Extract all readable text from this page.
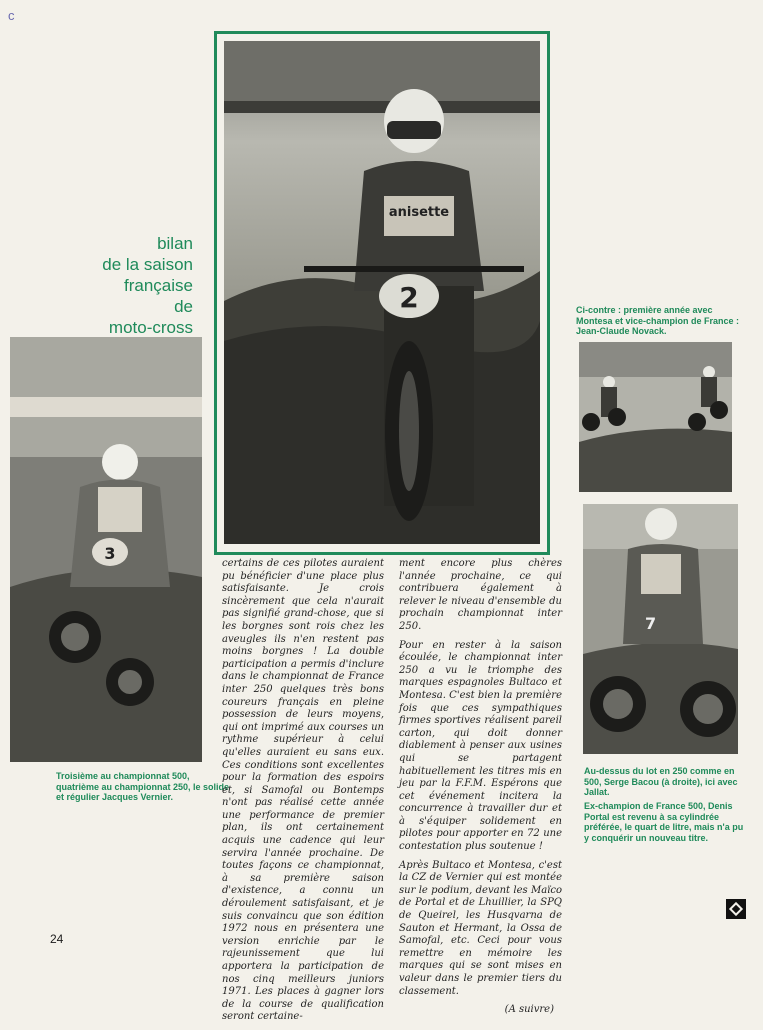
c
anisette
2
bilan
de la saison
française
de
moto-cross
3
Troisième au championnat 500, quatrième au championnat 250, le solide et régulier Jacques Vernier.
Ci-contre : première année avec Montesa et vice-champion de France : Jean-Claude Novack.
7
Au-dessus du lot en 250 comme en 500, Serge Bacou (à droite), ici avec Jallat.
Ex-champion de France 500, Denis Portal est revenu à sa cylindrée préférée, le quart de litre, mais n'a pu y conquérir un nouveau titre.

certains de ces pilotes auraient pu bénéficier d'une place plus satisfaisante. Je crois sincèrement que cela n'aurait pas signifié grand-chose, que si les borgnes sont rois chez les aveugles ils n'en restent pas moins borgnes ! La double participation a permis d'inclure dans le championnat de France inter 250 quelques très bons coureurs français en pleine possession de leurs moyens, qui ont imprimé aux courses un rythme supérieur à celui qu'elles auraient eu sans eux. Ces conditions sont excellentes pour la formation des espoirs et, si Samofal ou Bontemps n'ont pas réalisé cette année une performance de premier plan, ils ont certainement acquis une cadence qui leur servira l'année prochaine. De toutes façons ce championnat, à sa première saison d'existence, a connu un déroulement satisfaisant, et je suis convaincu que son édition 1972 nous en présentera une version enrichie par le rajeunissement que lui apportera la participation de nos cinq meilleurs juniors 1971. Les places à gagner lors de la course de qualification seront certaine-

ment encore plus chères l'année prochaine, ce qui contribuera également à relever le niveau d'ensemble du prochain championnat inter 250.

Pour en rester à la saison écoulée, le championnat inter 250 a vu le triomphe des marques espagnoles Bultaco et Montesa. C'est bien la première fois que ces sympathiques firmes sportives réalisent pareil carton, qui doit donner diablement à penser aux usines qui se partagent habituellement les titres mis en jeu par la F.F.M. Espérons que cet événement incitera la concurrence à travailler dur et à s'équiper solidement en pilotes pour apporter en 72 une contestation plus soutenue !

Après Bultaco et Montesa, c'est la CZ de Vernier qui est montée sur le podium, devant les Maïco de Portal et de Lhuillier, la SPQ de Queirel, les Husqvarna de Sauton et Hermant, la Ossa de Samofal, etc. Ceci pour vous remettre en mémoire les marques qui se sont mises en valeur dans le premier tiers du classement.

(A suivre)

24
